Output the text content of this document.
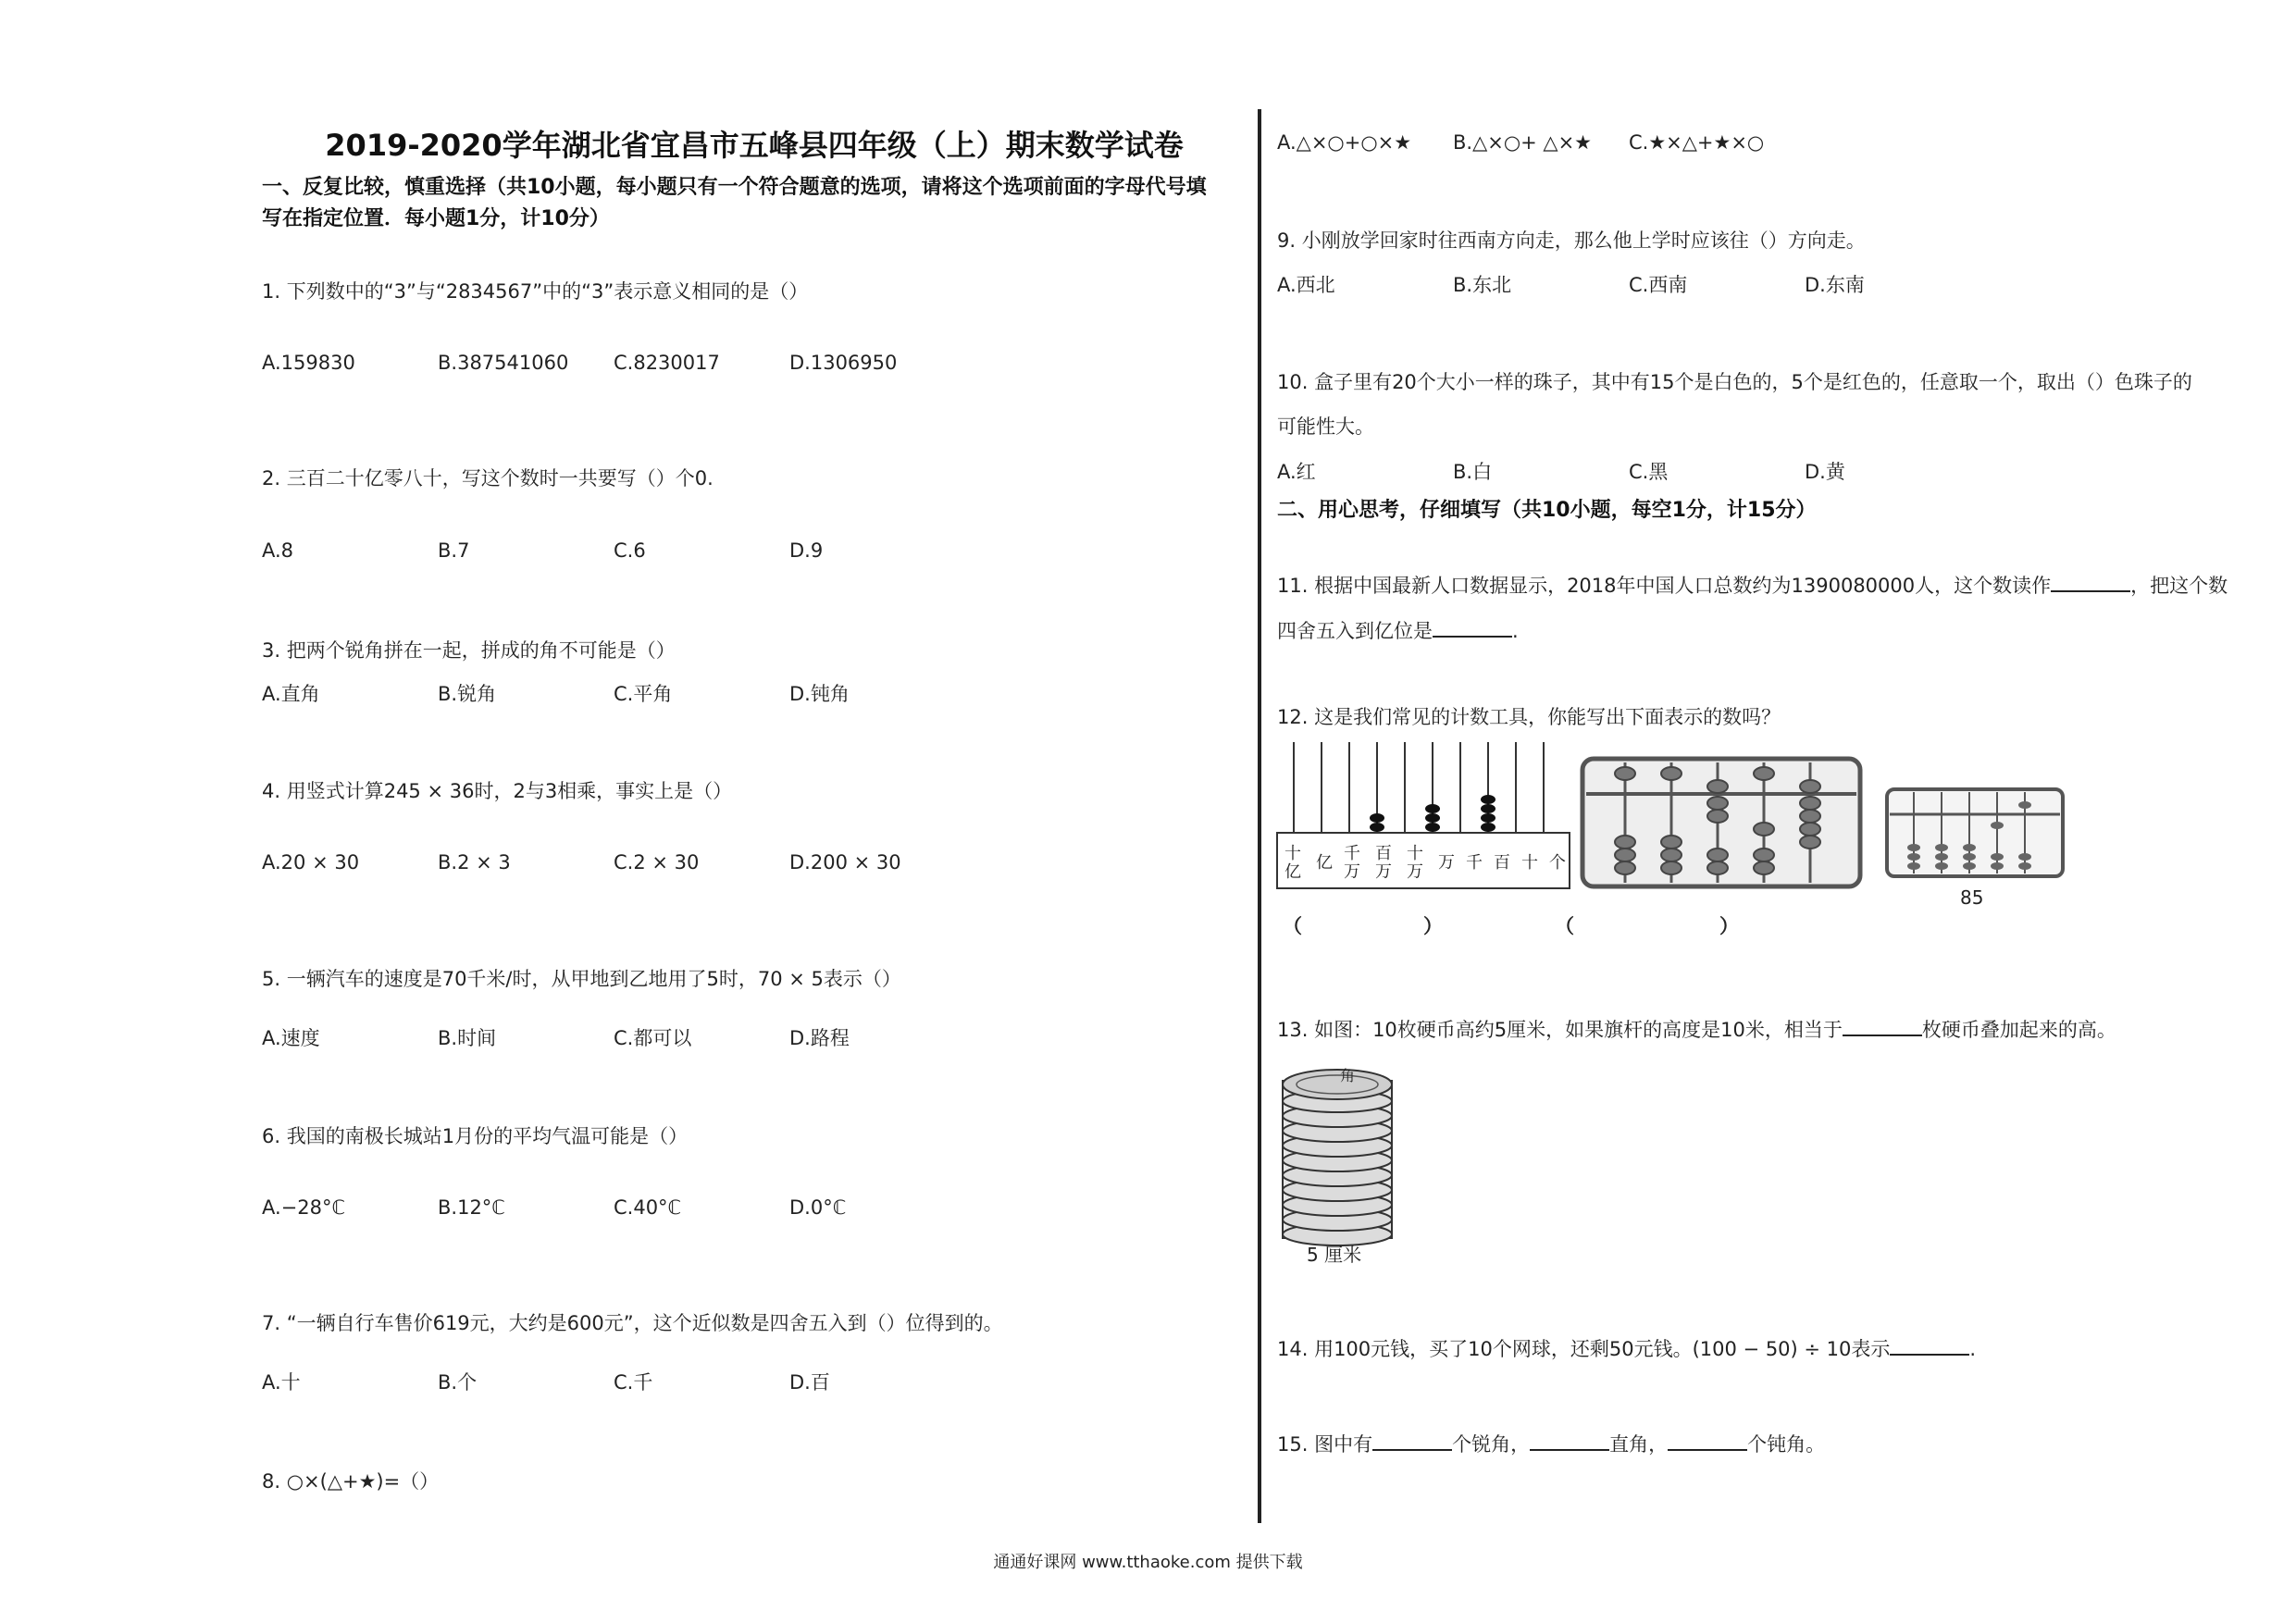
2019-2020学年湖北省宜昌市五峰县四年级（上）期末数学试卷
一、反复比较，慎重选择（共10小题，每小题只有一个符合题意的选项，请将这个选项前面的字母代号填
写在指定位置．每小题1分，计10分）
1. 下列数中的“3”与“2834567”中的“3”表示意义相同的是（）
A.159830	B.387541060	C.8230017	D.1306950
2. 三百二十亿零八十，写这个数时一共要写（）个0.
A.8	B.7	C.6	D.9
3. 把两个锐角拼在一起，拼成的角不可能是（）
A.直角	B.锐角	C.平角	D.钝角
4. 用竖式计算245 × 36时，2与3相乘，事实上是（）
A.20 × 30	B.2 × 3	C.2 × 30	D.200 × 30
5. 一辆汽车的速度是70千米/时，从甲地到乙地用了5时，70 × 5表示（）
A.速度	B.时间	C.都可以	D.路程
6. 我国的南极长城站1月份的平均气温可能是（）
A.−28°ℂ	B.12°ℂ	C.40°ℂ	D.0°ℂ
7. “一辆自行车售价619元，大约是600元”，这个近似数是四舍五入到（）位得到的。
A.十	B.个	C.千	D.百
8. ○×(△+★)=（）
A.△×○+○×★	B.△×○+ △×★	C.★×△+★×○
9. 小刚放学回家时往西南方向走，那么他上学时应该往（）方向走。
A.西北	B.东北	C.西南	D.东南
10. 盒子里有20个大小一样的珠子，其中有15个是白色的，5个是红色的，任意取一个，取出（）色珠子的
可能性大。
A.红	B.白	C.黑	D.黄
二、用心思考，仔细填写（共10小题，每空1分，计15分）
11. 根据中国最新人口数据显示，2018年中国人口总数约为1390080000人，这个数读作	，把这个数
四舍五入到亿位是	.
12. 这是我们常见的计数工具，你能写出下面表示的数吗？
十亿 亿 千万
百万
十万 万 千 百 十 个
85
（	）	（	）
13. 如图：10枚硬币高约5厘米，如果旗杆的高度是10米，相当于	枚硬币叠加起来的高。
角
5 厘米
14. 用100元钱，买了10个网球，还剩50元钱。(100 − 50) ÷ 10表示	.
15. 图中有	个锐角，	直角，	个钝角。
通通好课网 www.tthaoke.com 提供下载
